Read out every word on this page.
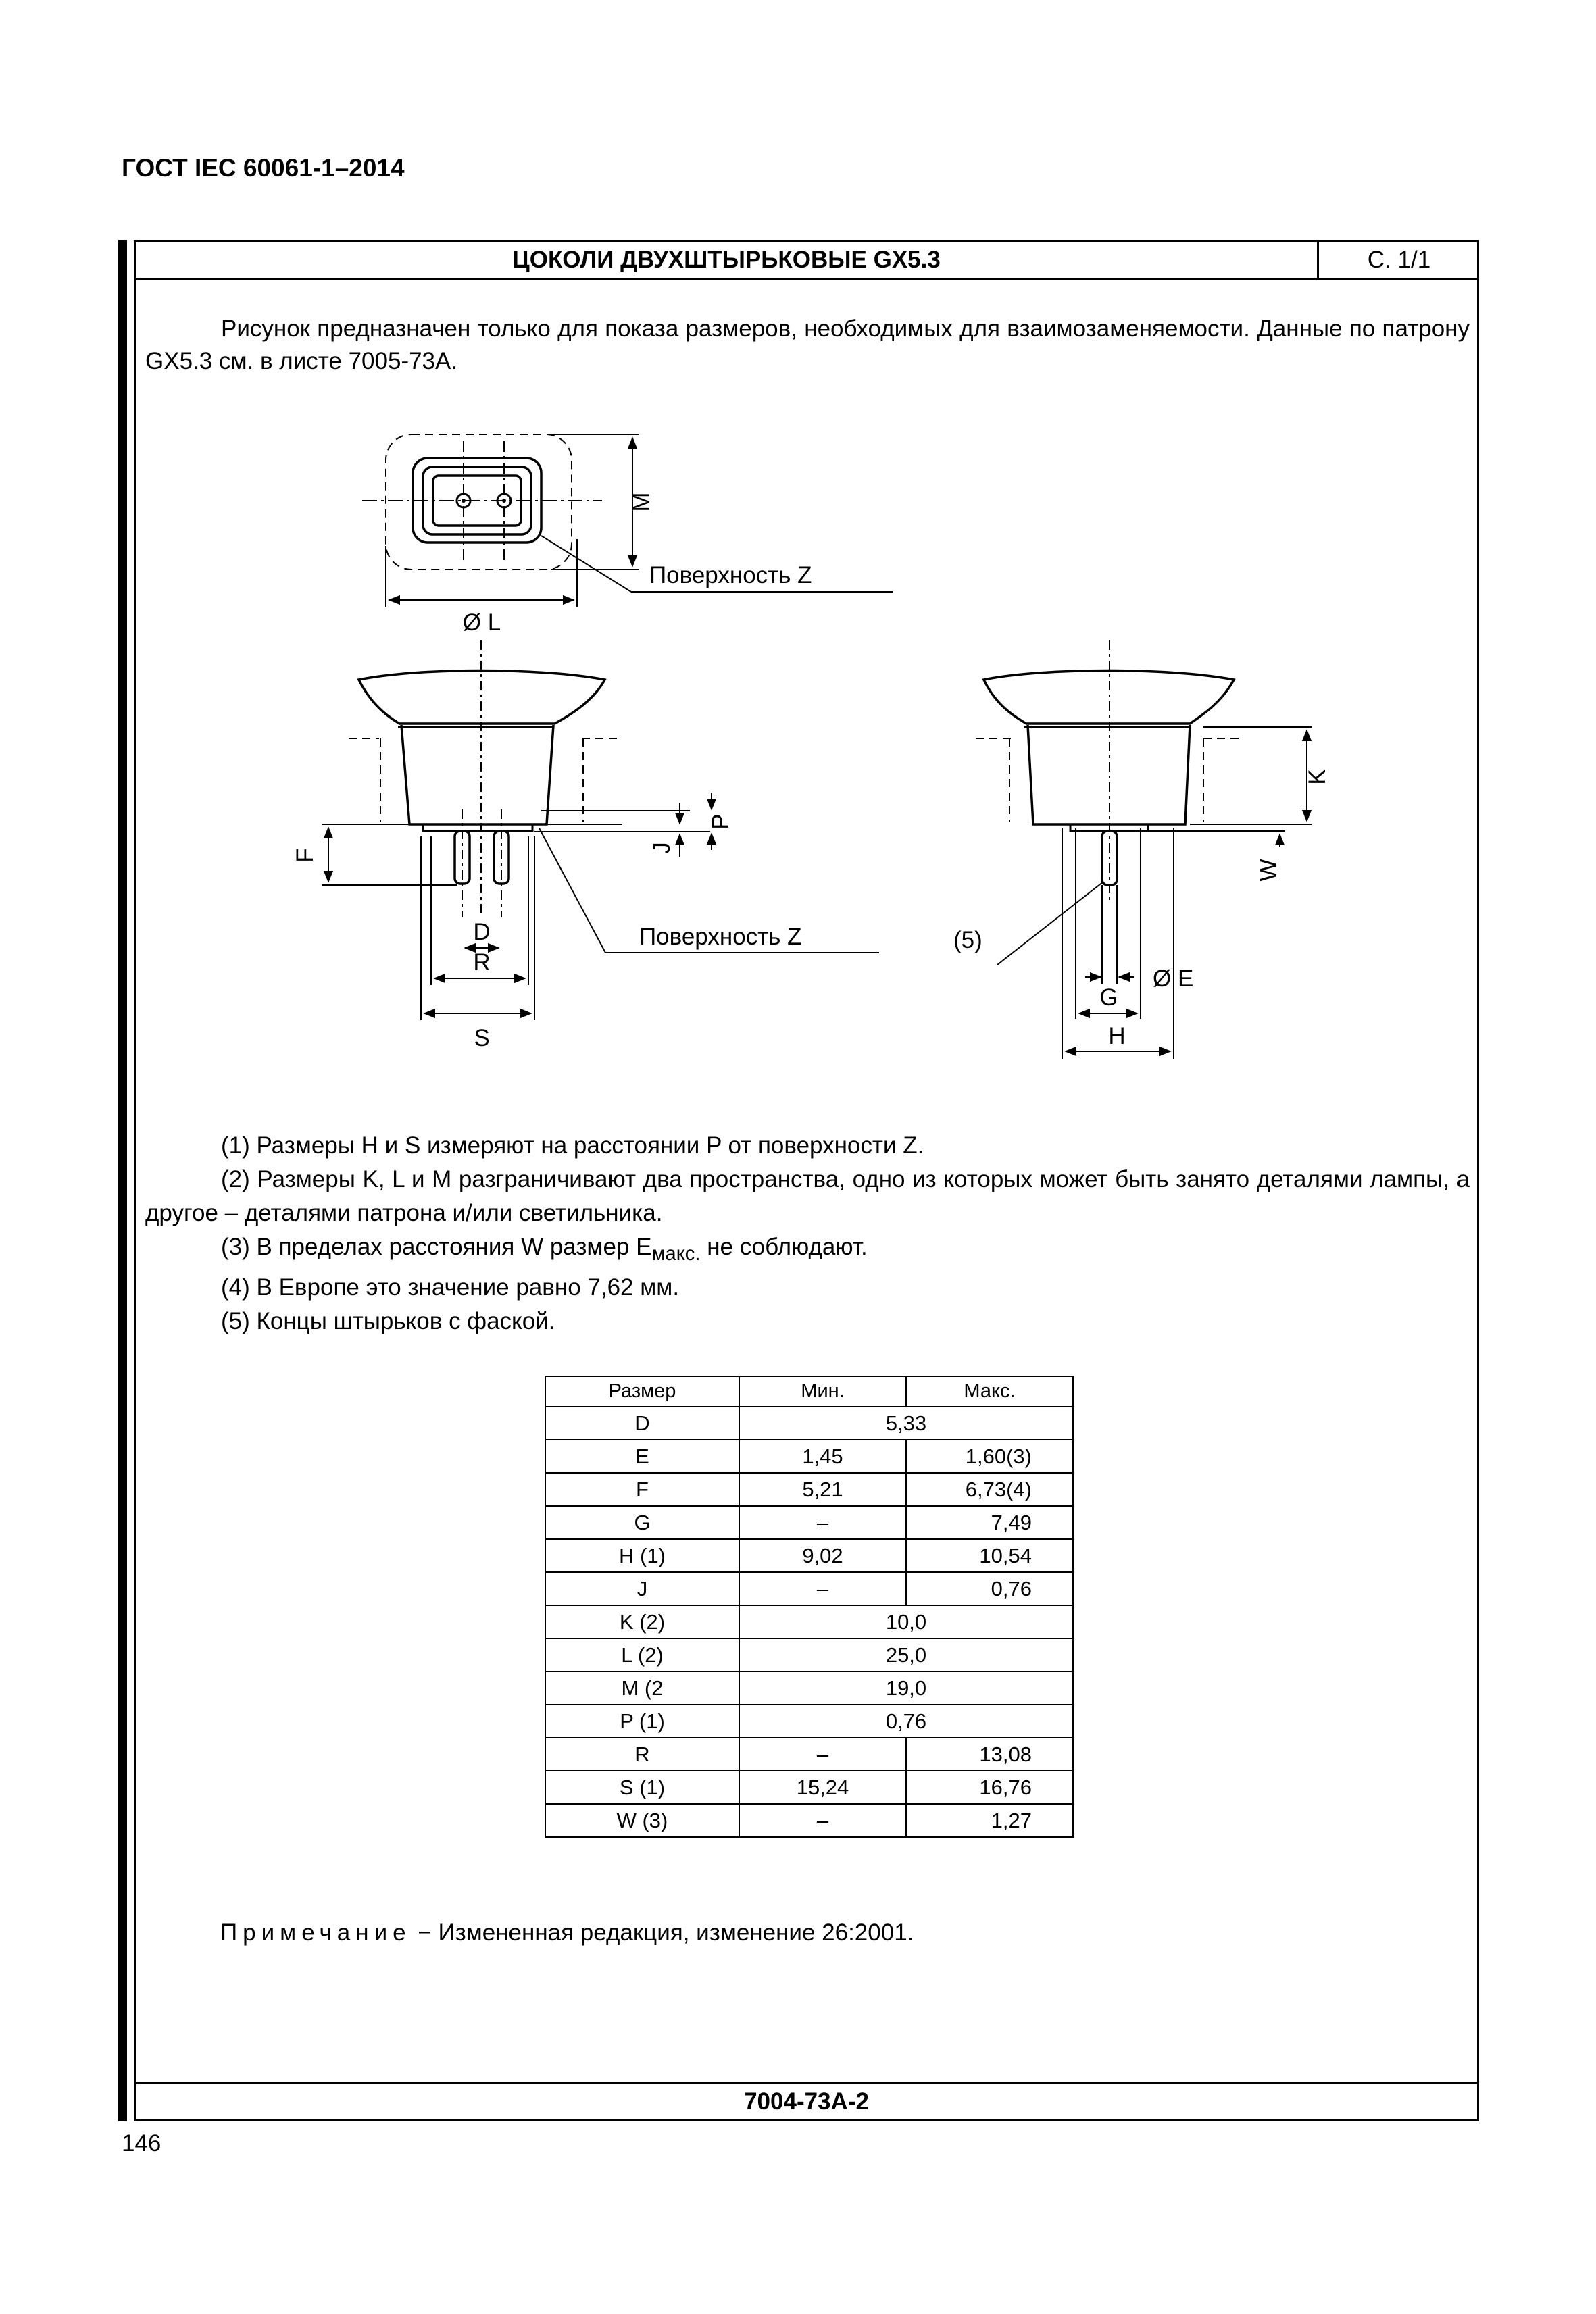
ГОСТ IEC 60061-1–2014
ЦОКОЛИ ДВУХШТЫРЬКОВЫЕ GX5.3	С. 1/1

Рисунок предназначен только для показа размеров, необходимых для взаимозаменяемости. Данные по патрону GX5.3 см. в листе 7005-73А.

M
Ø L
Поверхность Z
F
J
P
D
R
S
Поверхность Z
K
W
(5)
Ø E
G
H

(1) Размеры H и S измеряют на расстоянии P от поверхности Z.

(2) Размеры K, L и M разграничивают два пространства, одно из которых может быть занято деталями лампы, а другое – деталями патрона и/или светильника.

(3) В пределах расстояния W размер $E_{макс.}$ не соблюдают.

(4) В Европе это значение равно 7,62 мм.

(5) Концы штырьков с фаской.

Размер	Мин.	Макс.
D	5,33	
E	1,45	1,60(3)
F	5,21	6,73(4)
G	–	7,49
H (1)	9,02	10,54
J	–	0,76
K (2)	10,0	
L (2)	25,0	
M (2	19,0	
P (1)	0,76	
R	–	13,08
S (1)	15,24	16,76
W (3)	–	1,27
Примечание − Измененная редакция, изменение 26:2001.
7004-73А-2
146
